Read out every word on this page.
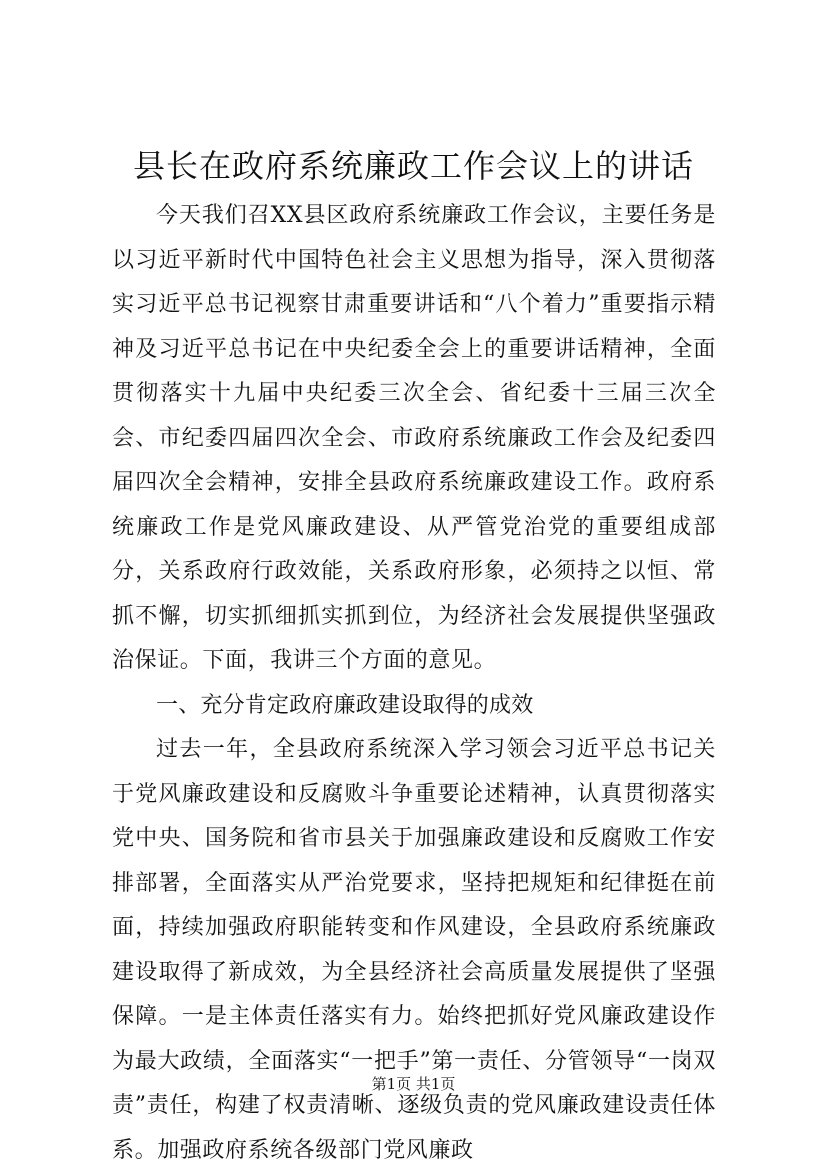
县长在政府系统廉政工作会议上的讲话

今天我们召XX县区政府系统廉政工作会议，主要任务是以习近平新时代中国特色社会主义思想为指导，深入贯彻落实习近平总书记视察甘肃重要讲话和“八个着力”重要指示精神及习近平总书记在中央纪委全会上的重要讲话精神，全面贯彻落实十九届中央纪委三次全会、省纪委十三届三次全会、市纪委四届四次全会、市政府系统廉政工作会及纪委四届四次全会精神，安排全县政府系统廉政建设工作。政府系统廉政工作是党风廉政建设、从严管党治党的重要组成部分，关系政府行政效能，关系政府形象，必须持之以恒、常抓不懈，切实抓细抓实抓到位，为经济社会发展提供坚强政治保证。下面，我讲三个方面的意见。

一、充分肯定政府廉政建设取得的成效

过去一年，全县政府系统深入学习领会习近平总书记关于党风廉政建设和反腐败斗争重要论述精神，认真贯彻落实党中央、国务院和省市县关于加强廉政建设和反腐败工作安排部署，全面落实从严治党要求，坚持把规矩和纪律挺在前面，持续加强政府职能转变和作风建设，全县政府系统廉政建设取得了新成效，为全县经济社会高质量发展提供了坚强保障。一是主体责任落实有力。始终把抓好党风廉政建设作为最大政绩，全面落实“一把手”第一责任、分管领导“一岗双责”责任，构建了权责清晰、逐级负责的党风廉政建设责任体系。加强政府系统各级部门党风廉政

第1页 共1页
